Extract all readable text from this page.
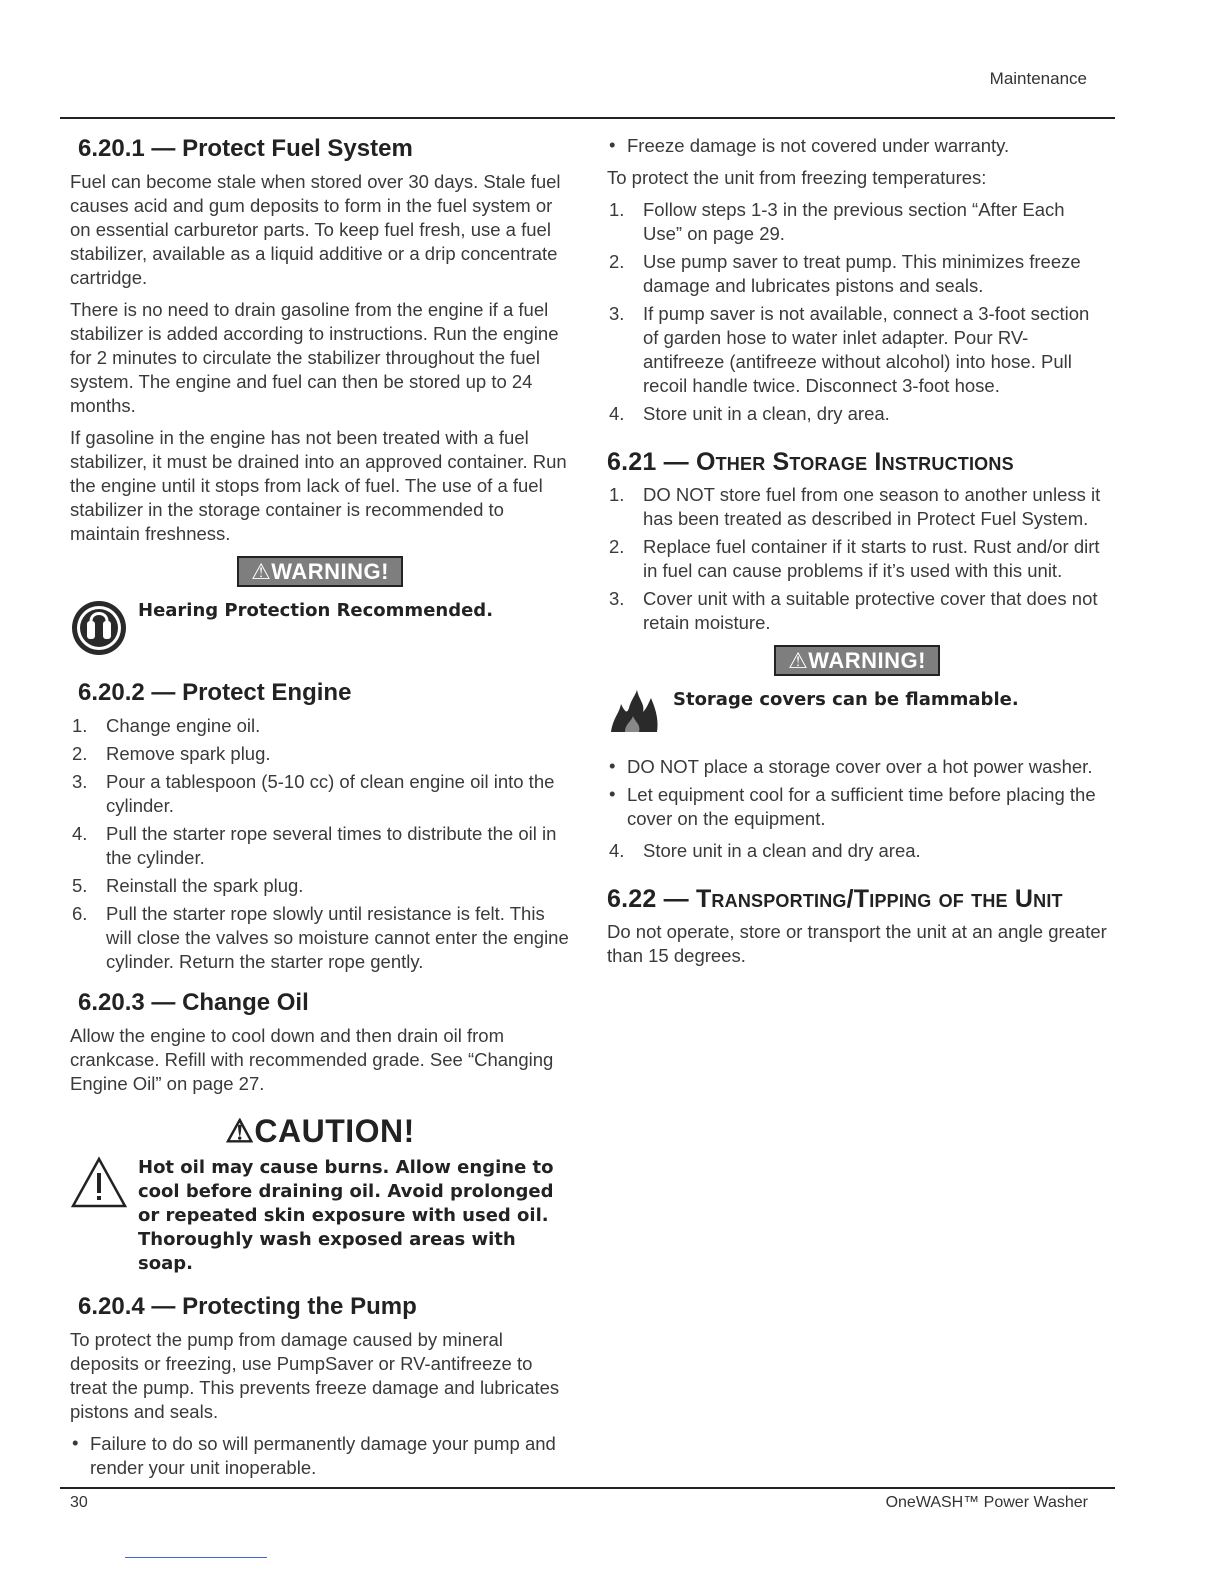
Maintenance
6.20.1 — Protect Fuel System

Fuel can become stale when stored over 30 days. Stale fuel causes acid and gum deposits to form in the fuel system or on essential carburetor parts. To keep fuel fresh, use a fuel stabilizer, available as a liquid additive or a drip concentrate cartridge.

There is no need to drain gasoline from the engine if a fuel stabilizer is added according to instructions. Run the engine for 2 minutes to circulate the stabilizer throughout the fuel system. The engine and fuel can then be stored up to 24 months.

If gasoline in the engine has not been treated with a fuel stabilizer, it must be drained into an approved container. Run the engine until it stops from lack of fuel. The use of a fuel stabilizer in the storage container is recommended to maintain freshness.

⚠WARNING!
Hearing Protection Recommended.
6.20.2 — Protect Engine
1. Change engine oil.
2. Remove spark plug.
3. Pour a tablespoon (5-10 cc) of clean engine oil into the cylinder.
4. Pull the starter rope several times to distribute the oil in the cylinder.
5. Reinstall the spark plug.
6. Pull the starter rope slowly until resistance is felt. This will close the valves so moisture cannot enter the engine cylinder. Return the starter rope gently.
6.20.3 — Change Oil

Allow the engine to cool down and then drain oil from crankcase. Refill with recommended grade. See “Changing Engine Oil” on page 27.

⚠CAUTION!
Hot oil may cause burns. Allow engine to cool before draining oil. Avoid prolonged or repeated skin exposure with used oil. Thoroughly wash exposed areas with soap.
6.20.4 — Protecting the Pump

To protect the pump from damage caused by mineral deposits or freezing, use PumpSaver or RV-antifreeze to treat the pump. This prevents freeze damage and lubricates pistons and seals.

• Failure to do so will permanently damage your pump and render your unit inoperable.
• Freeze damage is not covered under warranty.

To protect the unit from freezing temperatures:

1. Follow steps 1-3 in the previous section “After Each Use” on page 29.
2. Use pump saver to treat pump. This minimizes freeze damage and lubricates pistons and seals.
3. If pump saver is not available, connect a 3-foot section of garden hose to water inlet adapter. Pour RV-antifreeze (antifreeze without alcohol) into hose. Pull recoil handle twice. Disconnect 3-foot hose.
4. Store unit in a clean, dry area.
6.21 — Other Storage Instructions
1. DO NOT store fuel from one season to another unless it has been treated as described in Protect Fuel System.
2. Replace fuel container if it starts to rust. Rust and/or dirt in fuel can cause problems if it’s used with this unit.
3. Cover unit with a suitable protective cover that does not retain moisture.
⚠WARNING!
Storage covers can be flammable.
• DO NOT place a storage cover over a hot power washer.
• Let equipment cool for a sufficient time before placing the cover on the equipment.
4. Store unit in a clean and dry area.
6.22 — Transporting/Tipping of the Unit

Do not operate, store or transport the unit at an angle greater than 15 degrees.

30	OneWASH™ Power Washer
